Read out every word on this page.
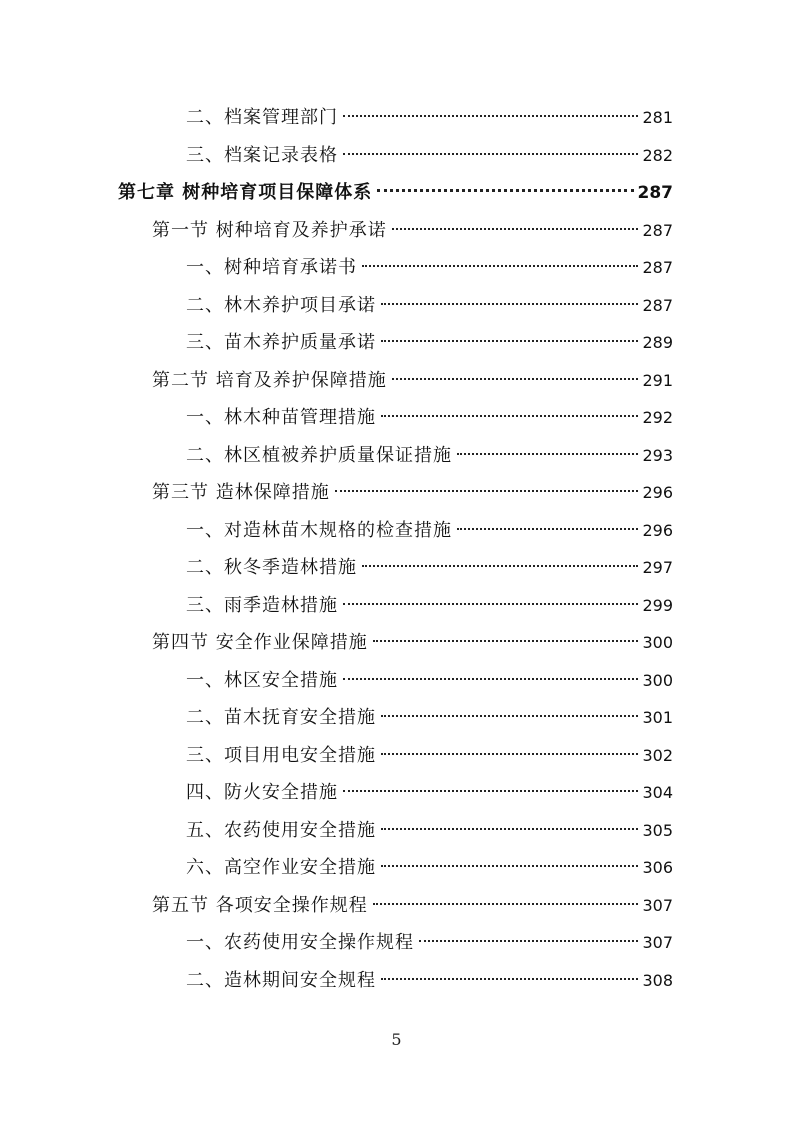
二、档案管理部门	281
三、档案记录表格	282
第七章 树种培育项目保障体系	287
第一节 树种培育及养护承诺	287
一、树种培育承诺书	287
二、林木养护项目承诺	287
三、苗木养护质量承诺	289
第二节 培育及养护保障措施	291
一、林木种苗管理措施	292
二、林区植被养护质量保证措施	293
第三节 造林保障措施	296
一、对造林苗木规格的检查措施	296
二、秋冬季造林措施	297
三、雨季造林措施	299
第四节 安全作业保障措施	300
一、林区安全措施	300
二、苗木抚育安全措施	301
三、项目用电安全措施	302
四、防火安全措施	304
五、农药使用安全措施	305
六、高空作业安全措施	306
第五节 各项安全操作规程	307
一、农药使用安全操作规程	307
二、造林期间安全规程	308
5
